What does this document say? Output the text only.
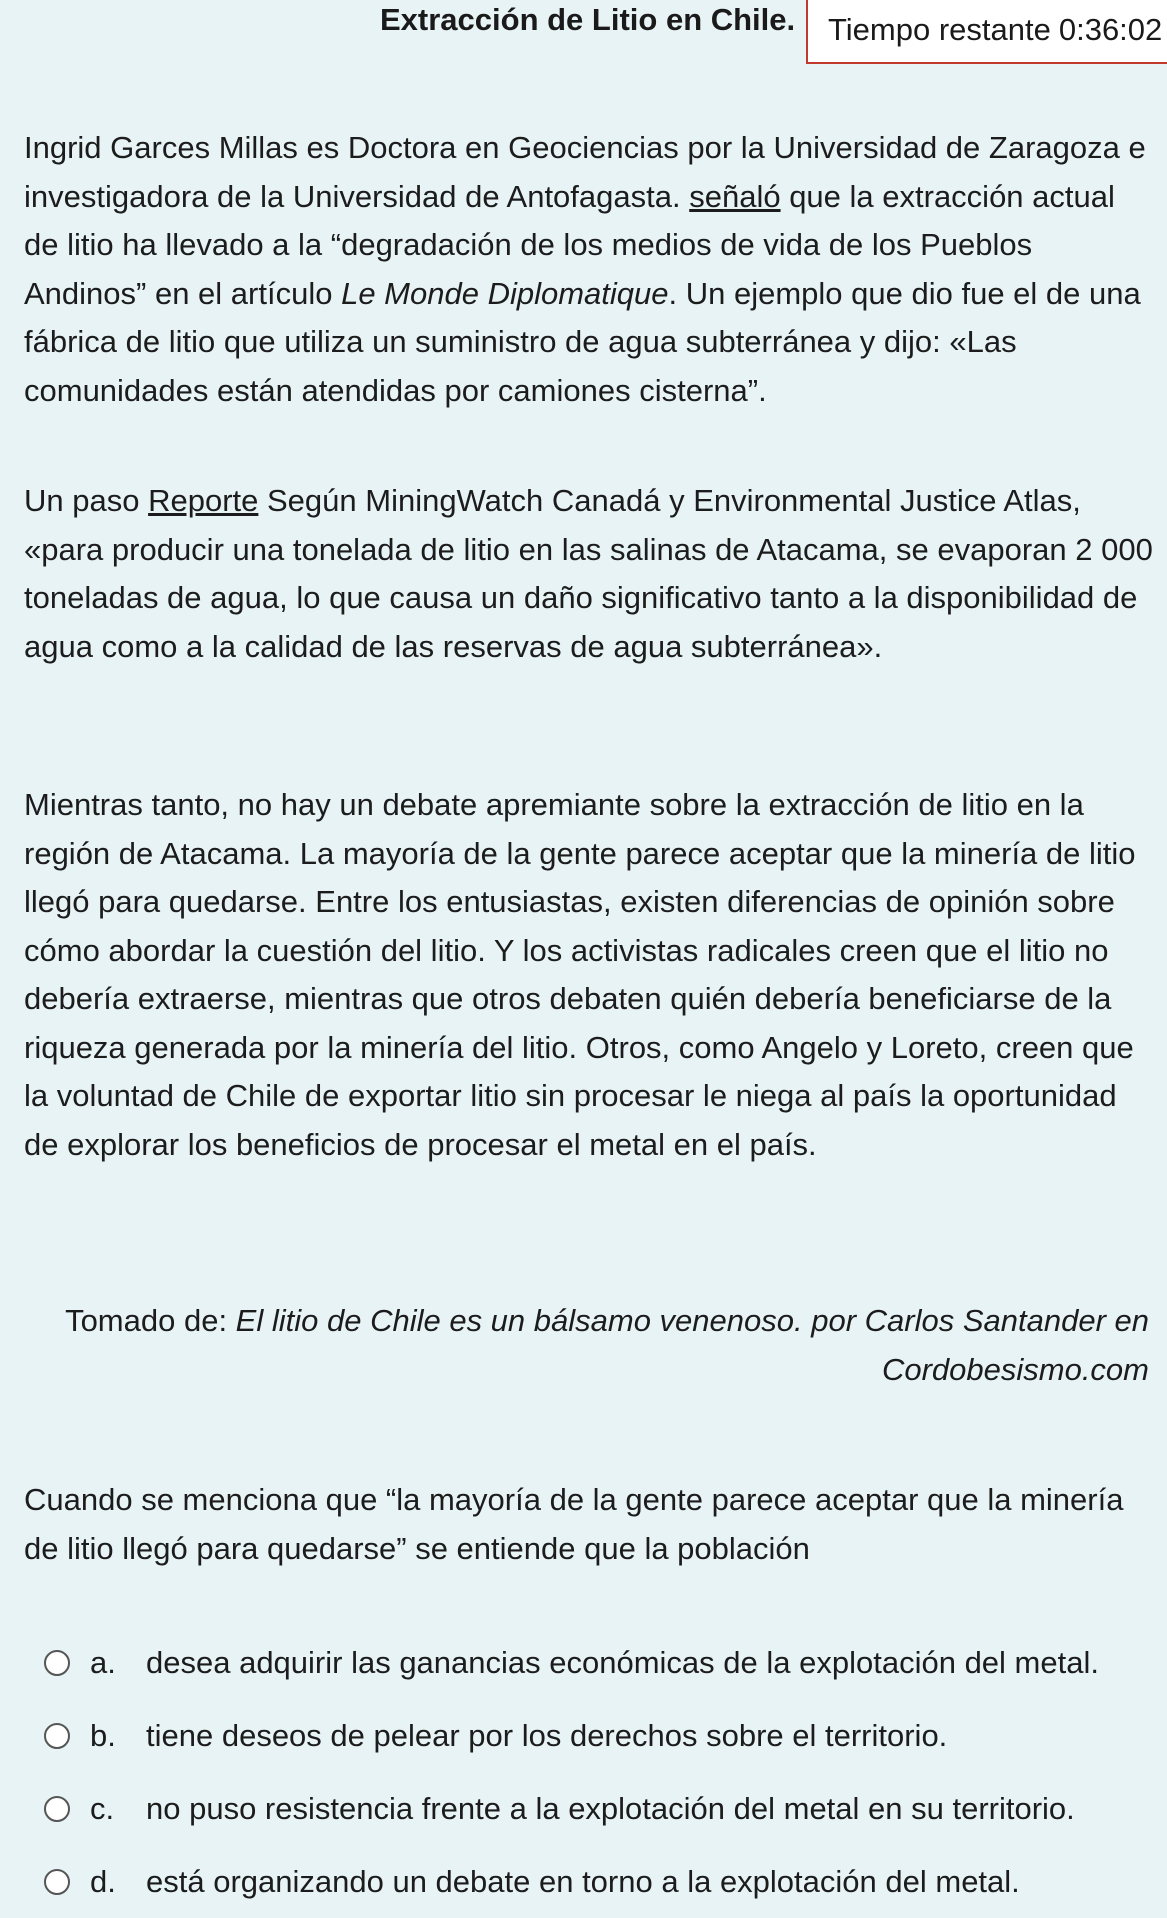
Extracción de Litio en Chile.	Tiempo restante 0:36:02

Ingrid Garces Millas es Doctora en Geociencias por la Universidad de Zaragoza e investigadora de la Universidad de Antofagasta. señaló que la extracción actual de litio ha llevado a la “degradación de los medios de vida de los Pueblos Andinos” en el artículo Le Monde Diplomatique. Un ejemplo que dio fue el de una fábrica de litio que utiliza un suministro de agua subterránea y dijo: «Las comunidades están atendidas por camiones cisterna”.

Un paso Reporte Según MiningWatch Canadá y Environmental Justice Atlas, «para producir una tonelada de litio en las salinas de Atacama, se evaporan 2 000 toneladas de agua, lo que causa un daño significativo tanto a la disponibilidad de agua como a la calidad de las reservas de agua subterránea».

Mientras tanto, no hay un debate apremiante sobre la extracción de litio en la región de Atacama. La mayoría de la gente parece aceptar que la minería de litio llegó para quedarse. Entre los entusiastas, existen diferencias de opinión sobre cómo abordar la cuestión del litio. Y los activistas radicales creen que el litio no debería extraerse, mientras que otros debaten quién debería beneficiarse de la riqueza generada por la minería del litio. Otros, como Angelo y Loreto, creen que la voluntad de Chile de exportar litio sin procesar le niega al país la oportunidad de explorar los beneficios de procesar el metal en el país.

Tomado de: El litio de Chile es un bálsamo venenoso. por Carlos Santander en
Cordobesismo.com

Cuando se menciona que “la mayoría de la gente parece aceptar que la minería de litio llegó para quedarse” se entiende que la población

a. desea adquirir las ganancias económicas de la explotación del metal.
b. tiene deseos de pelear por los derechos sobre el territorio.
c.	no puso resistencia frente a la explotación del metal en su territorio.
d. está organizando un debate en torno a la explotación del metal.
